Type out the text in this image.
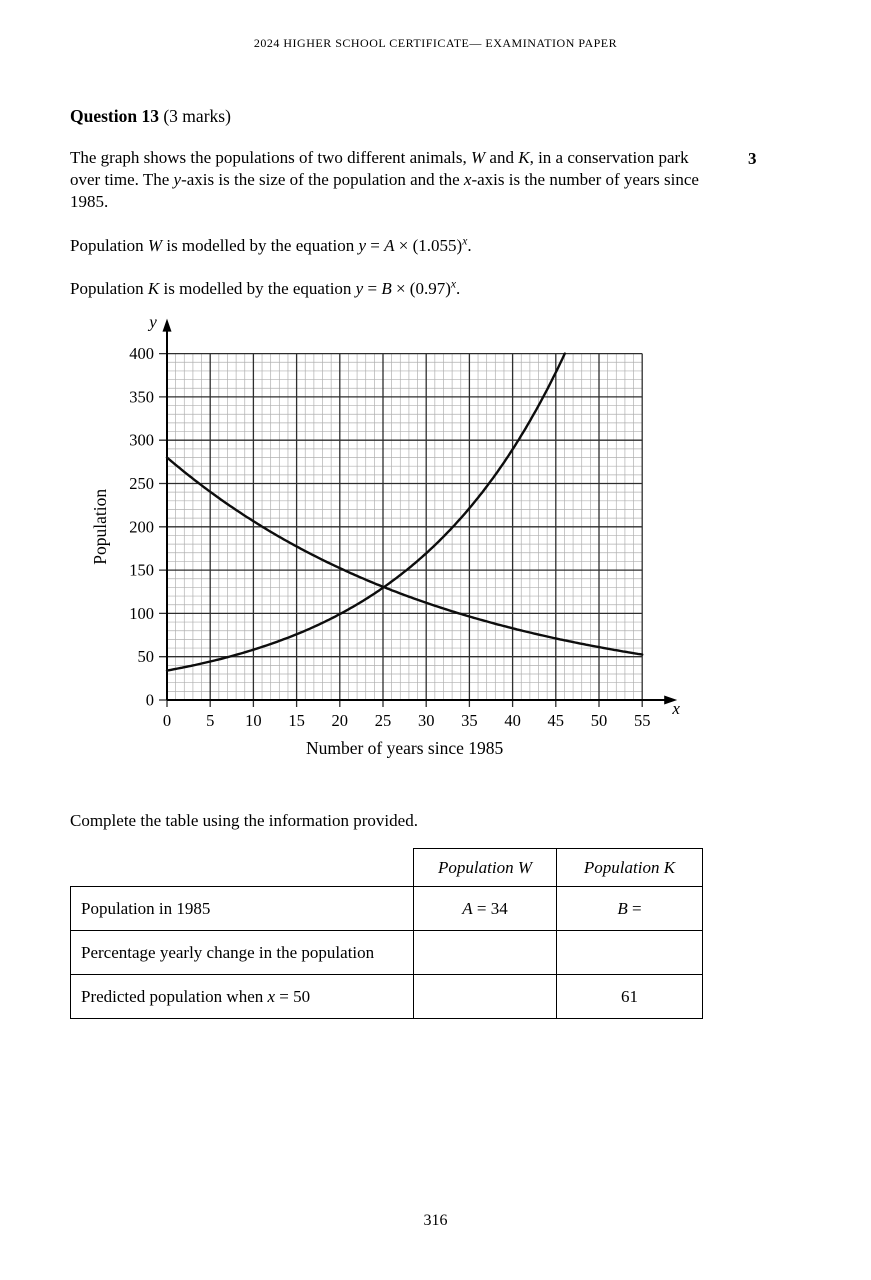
2024 HIGHER SCHOOL CERTIFICATE— EXAMINATION PAPER
3
Question 13 (3 marks)
The graph shows the populations of two different animals, W and K, in a conservation park over time. The y-axis is the size of the population and the x-axis is the number of years since 1985.
Population W is modelled by the equation $y = A \times (1.055)^x$.
Population K is modelled by the equation $y = B \times (0.97)^x$.
0 5 10 15 20 25 30 35 40 45 50 55
0
50
100
150
200
250
300
350
400
y
x
Number of years since 1985
Population
Complete the table using the information provided.
	Population W	Population K
Population in 1985	A = 34	B =
Percentage yearly change in the population		
Predicted population when x = 50		61
316
